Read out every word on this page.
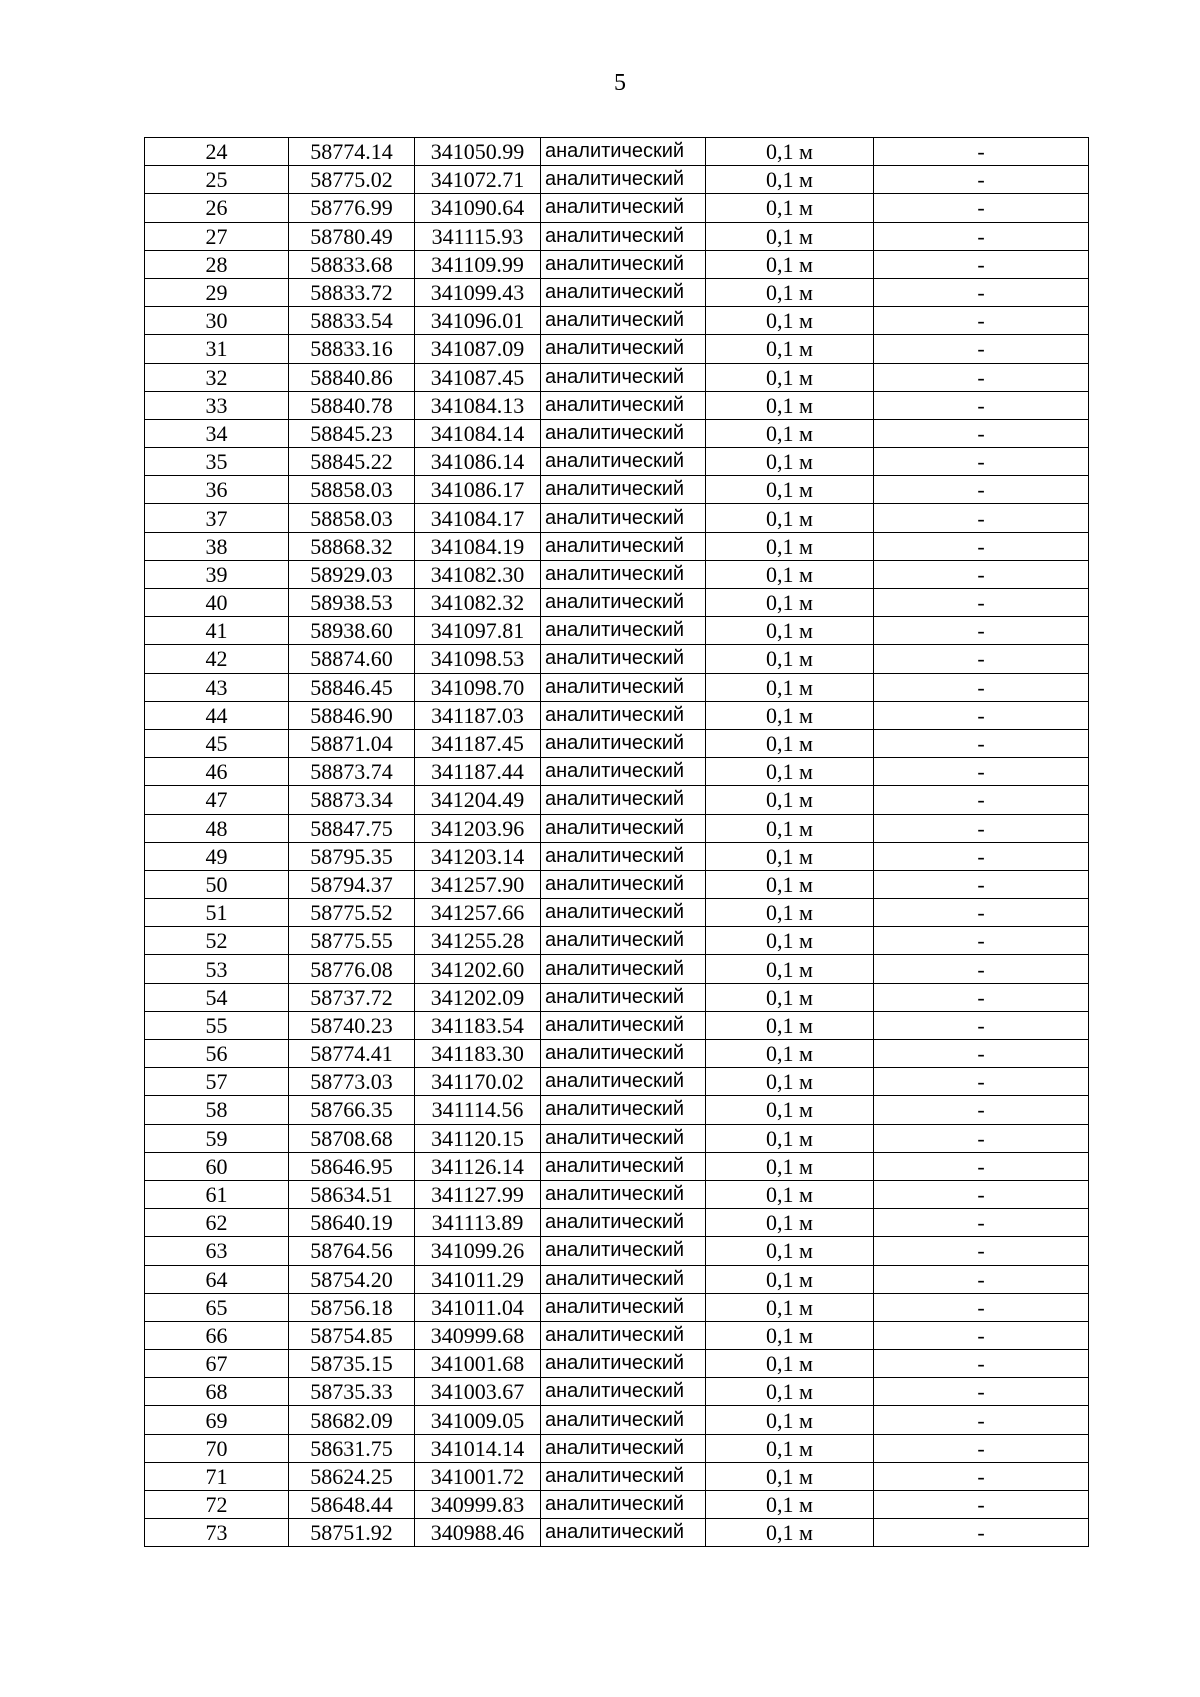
5
24	58774.14	341050.99	аналитический	0,1 м	-
25	58775.02	341072.71	аналитический	0,1 м	-
26	58776.99	341090.64	аналитический	0,1 м	-
27	58780.49	341115.93	аналитический	0,1 м	-
28	58833.68	341109.99	аналитический	0,1 м	-
29	58833.72	341099.43	аналитический	0,1 м	-
30	58833.54	341096.01	аналитический	0,1 м	-
31	58833.16	341087.09	аналитический	0,1 м	-
32	58840.86	341087.45	аналитический	0,1 м	-
33	58840.78	341084.13	аналитический	0,1 м	-
34	58845.23	341084.14	аналитический	0,1 м	-
35	58845.22	341086.14	аналитический	0,1 м	-
36	58858.03	341086.17	аналитический	0,1 м	-
37	58858.03	341084.17	аналитический	0,1 м	-
38	58868.32	341084.19	аналитический	0,1 м	-
39	58929.03	341082.30	аналитический	0,1 м	-
40	58938.53	341082.32	аналитический	0,1 м	-
41	58938.60	341097.81	аналитический	0,1 м	-
42	58874.60	341098.53	аналитический	0,1 м	-
43	58846.45	341098.70	аналитический	0,1 м	-
44	58846.90	341187.03	аналитический	0,1 м	-
45	58871.04	341187.45	аналитический	0,1 м	-
46	58873.74	341187.44	аналитический	0,1 м	-
47	58873.34	341204.49	аналитический	0,1 м	-
48	58847.75	341203.96	аналитический	0,1 м	-
49	58795.35	341203.14	аналитический	0,1 м	-
50	58794.37	341257.90	аналитический	0,1 м	-
51	58775.52	341257.66	аналитический	0,1 м	-
52	58775.55	341255.28	аналитический	0,1 м	-
53	58776.08	341202.60	аналитический	0,1 м	-
54	58737.72	341202.09	аналитический	0,1 м	-
55	58740.23	341183.54	аналитический	0,1 м	-
56	58774.41	341183.30	аналитический	0,1 м	-
57	58773.03	341170.02	аналитический	0,1 м	-
58	58766.35	341114.56	аналитический	0,1 м	-
59	58708.68	341120.15	аналитический	0,1 м	-
60	58646.95	341126.14	аналитический	0,1 м	-
61	58634.51	341127.99	аналитический	0,1 м	-
62	58640.19	341113.89	аналитический	0,1 м	-
63	58764.56	341099.26	аналитический	0,1 м	-
64	58754.20	341011.29	аналитический	0,1 м	-
65	58756.18	341011.04	аналитический	0,1 м	-
66	58754.85	340999.68	аналитический	0,1 м	-
67	58735.15	341001.68	аналитический	0,1 м	-
68	58735.33	341003.67	аналитический	0,1 м	-
69	58682.09	341009.05	аналитический	0,1 м	-
70	58631.75	341014.14	аналитический	0,1 м	-
71	58624.25	341001.72	аналитический	0,1 м	-
72	58648.44	340999.83	аналитический	0,1 м	-
73	58751.92	340988.46	аналитический	0,1 м	-
